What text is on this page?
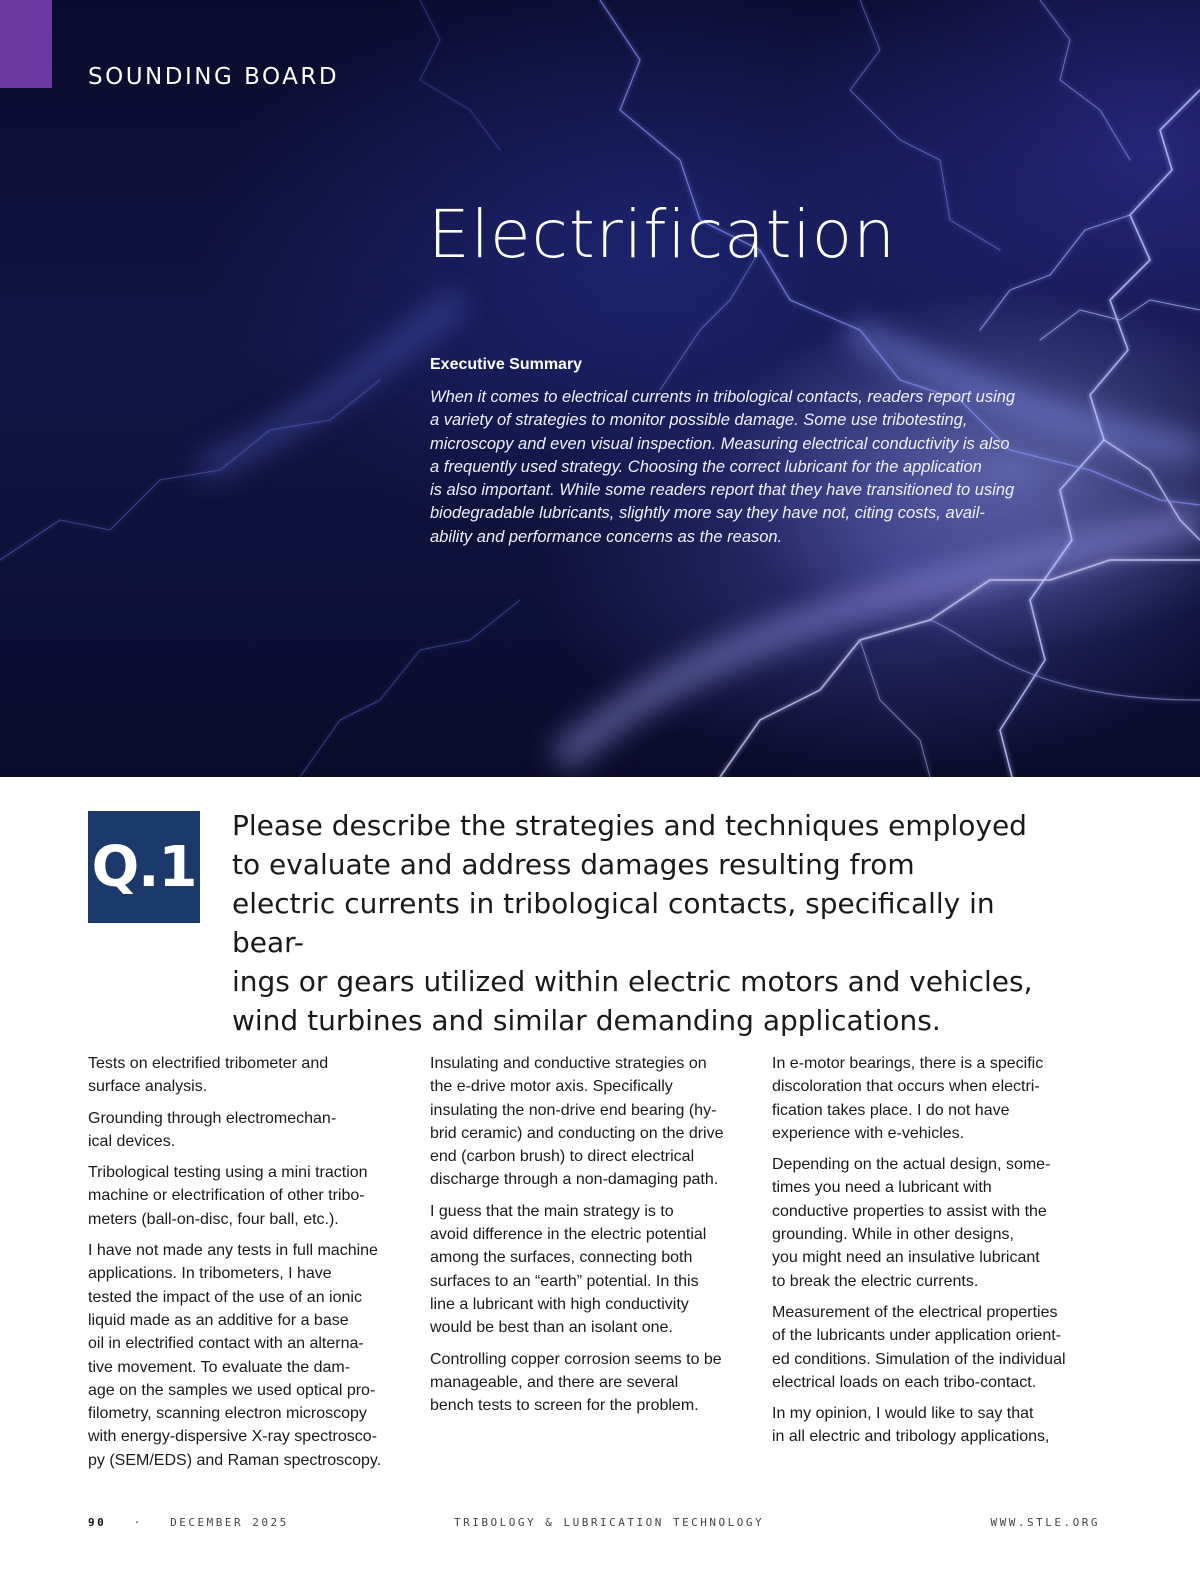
SOUNDING BOARD
Electrification
Executive Summary
When it comes to electrical currents in tribological contacts, readers report using
a variety of strategies to monitor possible damage. Some use tribotesting,
microscopy and even visual inspection. Measuring electrical conductivity is also
a frequently used strategy. Choosing the correct lubricant for the application
is also important. While some readers report that they have transitioned to using
biodegradable lubricants, slightly more say they have not, citing costs, avail-
ability and performance concerns as the reason.
Q.1
Please describe the strategies and techniques employed
to evaluate and address damages resulting from
electric currents in tribological contacts, specifically in bear-
ings or gears utilized within electric motors and vehicles,
wind turbines and similar demanding applications.

Tests on electrified tribometer and
surface analysis.

Grounding through electromechan-
ical devices.

Tribological testing using a mini traction
machine or electrification of other tribo-
meters (ball-on-disc, four ball, etc.).

I have not made any tests in full machine
applications. In tribometers, I have
tested the impact of the use of an ionic
liquid made as an additive for a base
oil in electrified contact with an alterna-
tive movement. To evaluate the dam-
age on the samples we used optical pro-
filometry, scanning electron microscopy
with energy-dispersive X-ray spectrosco-
py (SEM/EDS) and Raman spectroscopy.

Insulating and conductive strategies on
the e-drive motor axis. Specifically
insulating the non-drive end bearing (hy-
brid ceramic) and conducting on the drive
end (carbon brush) to direct electrical
discharge through a non-damaging path.

I guess that the main strategy is to
avoid difference in the electric potential
among the surfaces, connecting both
surfaces to an “earth” potential. In this
line a lubricant with high conductivity
would be best than an isolant one.

Controlling copper corrosion seems to be
manageable, and there are several
bench tests to screen for the problem.

In e-motor bearings, there is a specific
discoloration that occurs when electri-
fication takes place. I do not have
experience with e-vehicles.

Depending on the actual design, some-
times you need a lubricant with
conductive properties to assist with the
grounding. While in other designs,
you might need an insulative lubricant
to break the electric currents.

Measurement of the electrical properties
of the lubricants under application orient-
ed conditions. Simulation of the individual
electrical loads on each tribo-contact.

In my opinion, I would like to say that
in all electric and tribology applications,

90 · DECEMBER 2025	TRIBOLOGY & LUBRICATION TECHNOLOGY	WWW.STLE.ORG
